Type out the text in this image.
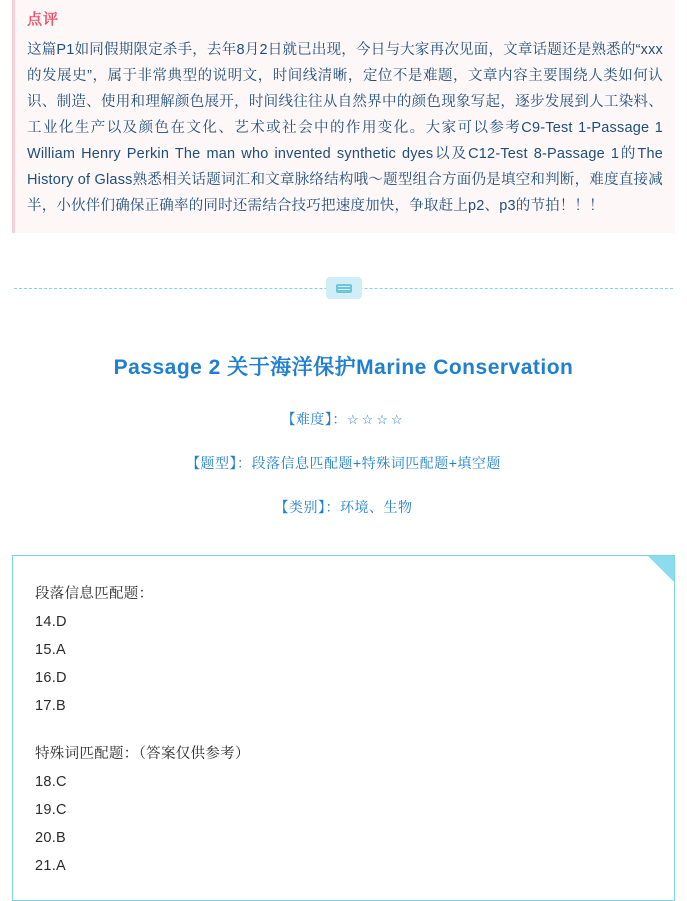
点评
这篇P1如同假期限定杀手，去年8月2日就已出现，今日与大家再次见面，文章话题还是熟悉的“xxx的发展史”，属于非常典型的说明文，时间线清晰，定位不是难题，文章内容主要围绕人类如何认识、制造、使用和理解颜色展开，时间线往往从自然界中的颜色现象写起，逐步发展到人工染料、工业化生产以及颜色在文化、艺术或社会中的作用变化。大家可以参考C9-Test 1-Passage 1 William Henry Perkin The man who invented synthetic dyes以及C12-Test 8-Passage 1的The History of Glass熟悉相关话题词汇和文章脉络结构哦～题型组合方面仍是填空和判断，难度直接减半，小伙伴们确保正确率的同时还需结合技巧把速度加快，争取赶上p2、p3的节拍！！！
Passage 2 关于海洋保护Marine Conservation
【难度】：☆☆☆☆
【题型】：段落信息匹配题+特殊词匹配题+填空题
【类别】：环境、生物
段落信息匹配题：
14.D
15.A
16.D
17.B
特殊词匹配题：（答案仅供参考）
18.C
19.C
20.B
21.A
